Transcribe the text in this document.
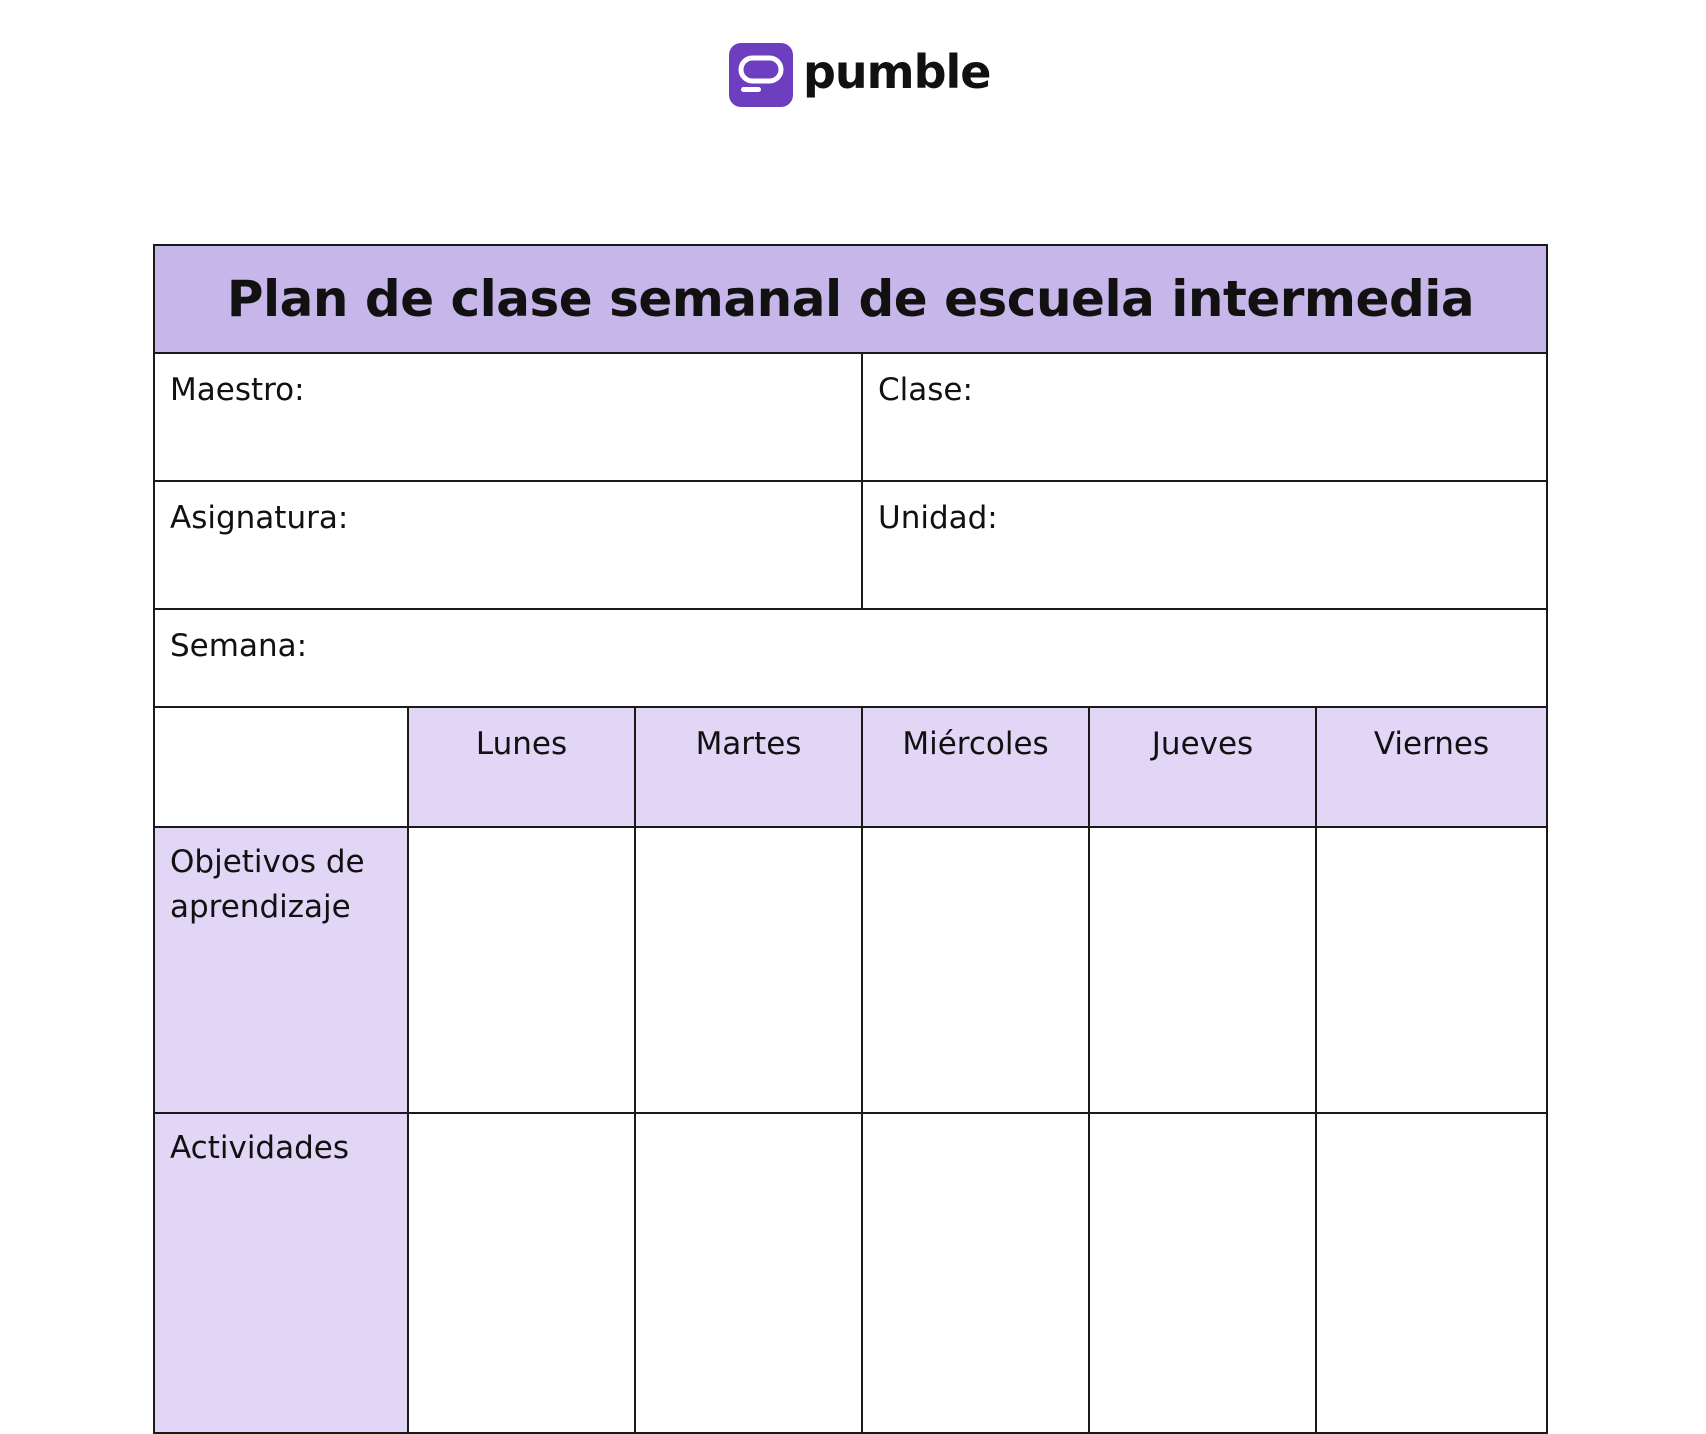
pumble
Plan de clase semanal de escuela intermedia					
Maestro:			Clase:		
Asignatura:			Unidad:		
Semana:					
	Lunes	Martes	Miércoles	Jueves	Viernes

Objetivos de aprendizaje					

Actividades					
